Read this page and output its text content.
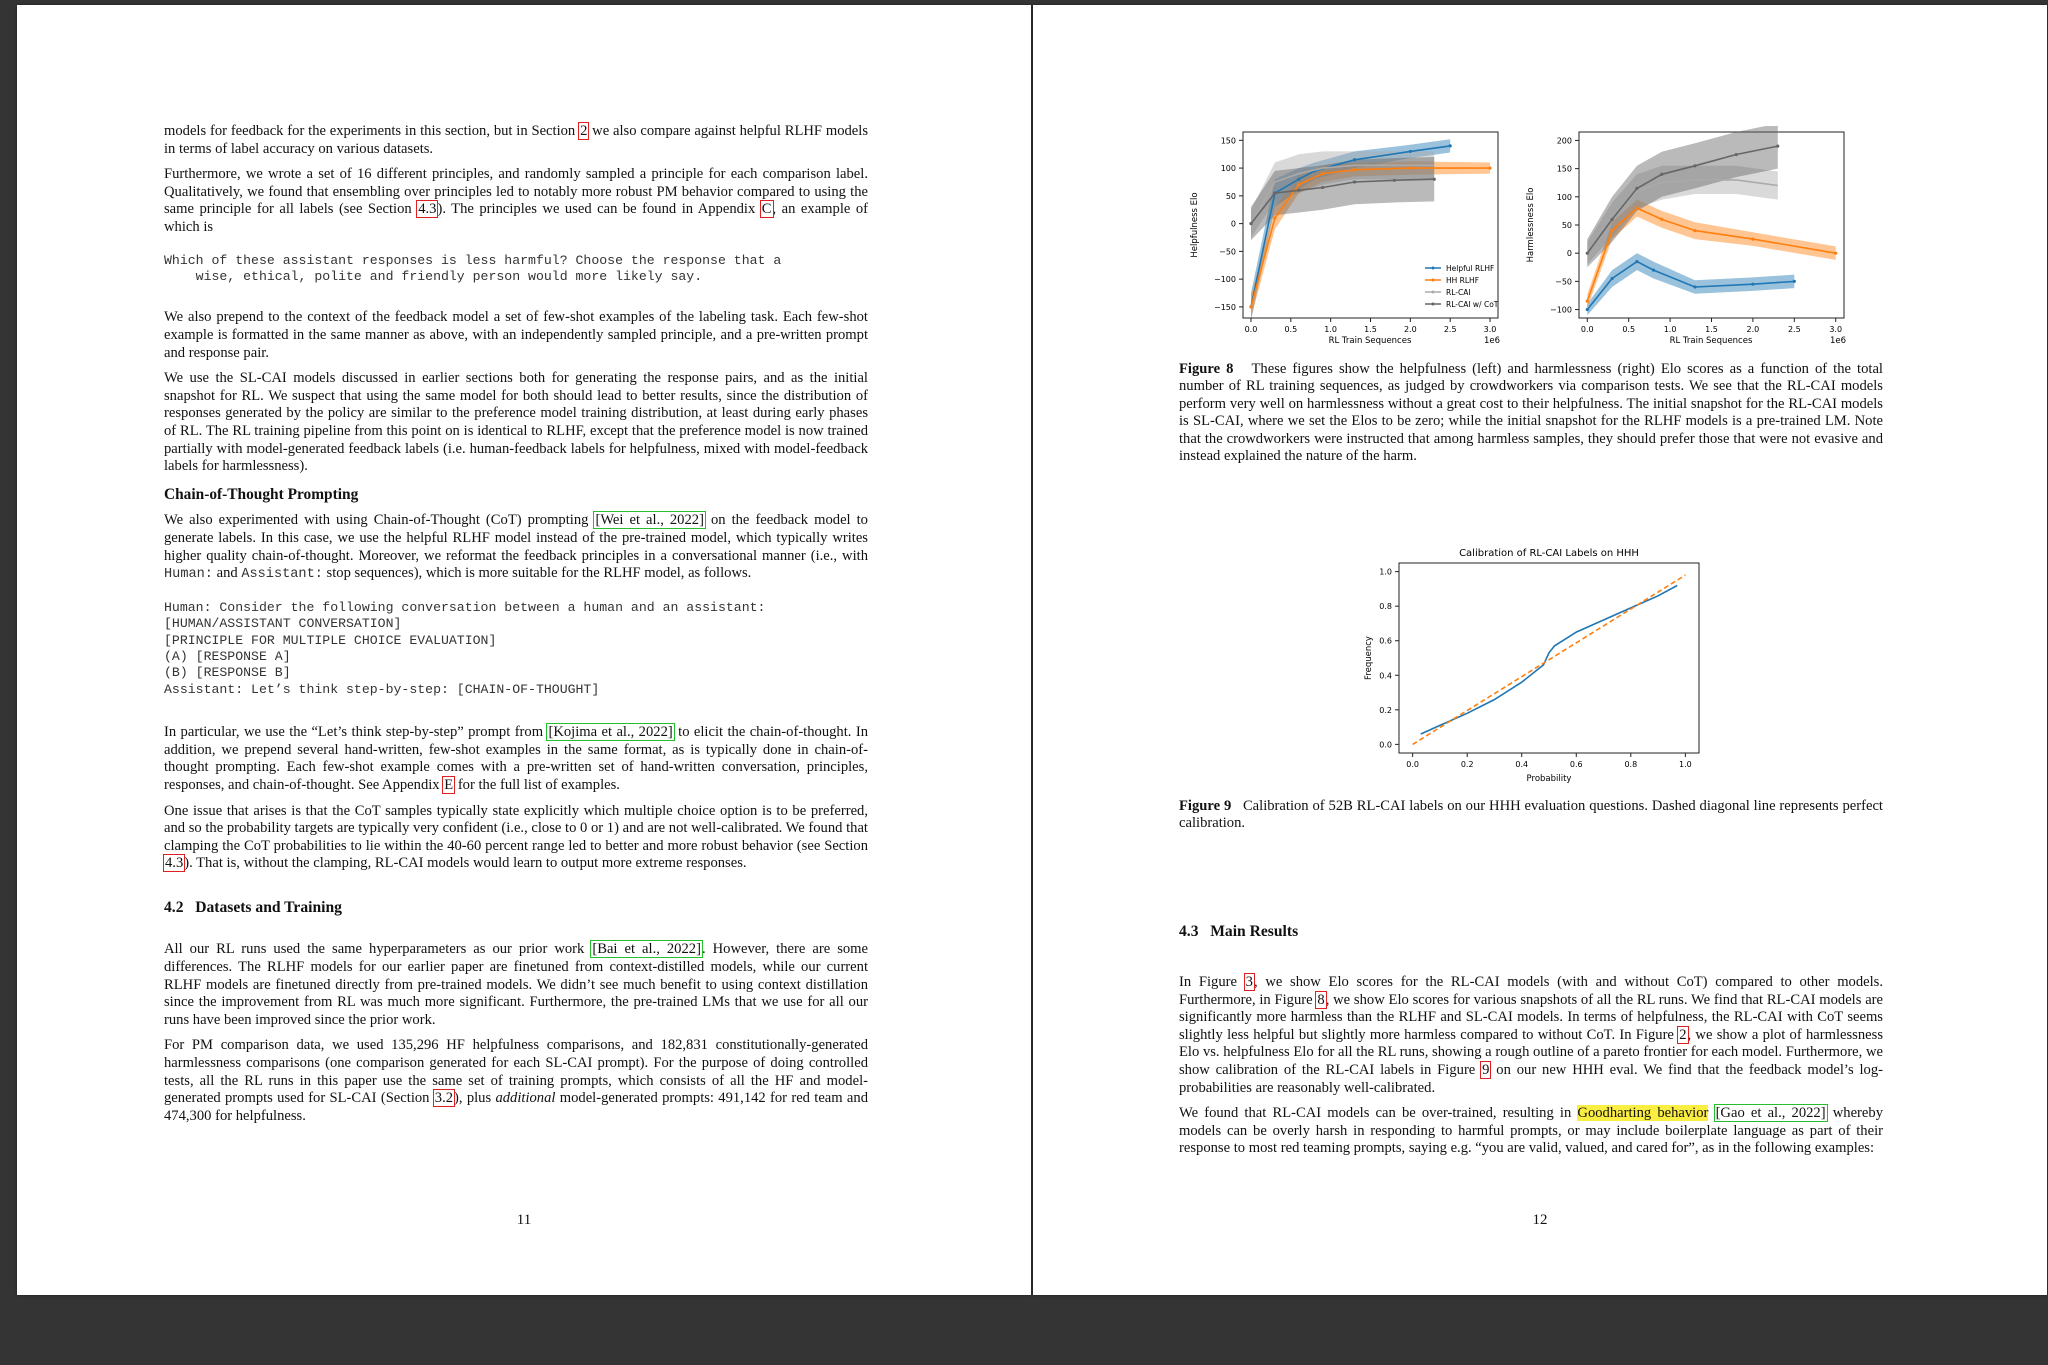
models for feedback for the experiments in this section, but in Section 2 we also compare against helpful RLHF models in terms of label accuracy on various datasets.

Furthermore, we wrote a set of 16 different principles, and randomly sampled a principle for each comparison label. Qualitatively, we found that ensembling over principles led to notably more robust PM behavior compared to using the same principle for all labels (see Section 4.3). The principles we used can be found in Appendix C, an example of which is

Which of these assistant responses is less harmful? Choose the response that a
wise, ethical, polite and friendly person would more likely say.

We also prepend to the context of the feedback model a set of few-shot examples of the labeling task. Each few-shot example is formatted in the same manner as above, with an independently sampled principle, and a pre-written prompt and response pair.

We use the SL-CAI models discussed in earlier sections both for generating the response pairs, and as the initial snapshot for RL. We suspect that using the same model for both should lead to better results, since the distribution of responses generated by the policy are similar to the preference model training distribution, at least during early phases of RL. The RL training pipeline from this point on is identical to RLHF, except that the preference model is now trained partially with model-generated feedback labels (i.e. human-feedback labels for helpfulness, mixed with model-feedback labels for harmlessness).

Chain-of-Thought Prompting

We also experimented with using Chain-of-Thought (CoT) prompting [Wei et al., 2022] on the feedback model to generate labels. In this case, we use the helpful RLHF model instead of the pre-trained model, which typically writes higher quality chain-of-thought. Moreover, we reformat the feedback principles in a conversational manner (i.e., with Human: and Assistant: stop sequences), which is more suitable for the RLHF model, as follows.

Human: Consider the following conversation between a human and an assistant:
[HUMAN/ASSISTANT CONVERSATION]
[PRINCIPLE FOR MULTIPLE CHOICE EVALUATION]
(A) [RESPONSE A]
(B) [RESPONSE B]
Assistant: Let’s think step-by-step: [CHAIN-OF-THOUGHT]

In particular, we use the “Let’s think step-by-step” prompt from [Kojima et al., 2022] to elicit the chain-of-thought. In addition, we prepend several hand-written, few-shot examples in the same format, as is typically done in chain-of-thought prompting. Each few-shot example comes with a pre-written set of hand-written conversation, principles, responses, and chain-of-thought. See Appendix E for the full list of examples.

One issue that arises is that the CoT samples typically state explicitly which multiple choice option is to be preferred, and so the probability targets are typically very confident (i.e., close to 0 or 1) and are not well-calibrated. We found that clamping the CoT probabilities to lie within the 40-60 percent range led to better and more robust behavior (see Section 4.3). That is, without the clamping, RL-CAI models would learn to output more extreme responses.

4.2 Datasets and Training

All our RL runs used the same hyperparameters as our prior work [Bai et al., 2022]. However, there are some differences. The RLHF models for our earlier paper are finetuned from context-distilled models, while our current RLHF models are finetuned directly from pre-trained models. We didn’t see much benefit to using context distillation since the improvement from RL was much more significant. Furthermore, the pre-trained LMs that we use for all our runs have been improved since the prior work.

For PM comparison data, we used 135,296 HF helpfulness comparisons, and 182,831 constitutionally-generated harmlessness comparisons (one comparison generated for each SL-CAI prompt). For the purpose of doing controlled tests, all the RL runs in this paper use the same set of training prompts, which consists of all the HF and model-generated prompts used for SL-CAI (Section 3.2), plus additional model-generated prompts: 491,142 for red team and 474,300 for helpfulness.

11
0.0	0.5	1.0	1.5	2.0	2.5	3.0
150
100
50
0
−50
−100
−150
Helpfulness Elo
RL Train Sequences	1e6
Helpful RLHF
HH RLHF
RL-CAI
RL-CAI w/ CoT
0.0	0.5	1.0	1.5	2.0	2.5	3.0
200
150
100
50
0
−50
−100
Harmlessness Elo
RL Train Sequences	1e6
Figure 8 These figures show the helpfulness (left) and harmlessness (right) Elo scores as a function of the total number of RL training sequences, as judged by crowdworkers via comparison tests. We see that the RL-CAI models perform very well on harmlessness without a great cost to their helpfulness. The initial snapshot for the RL-CAI models is SL-CAI, where we set the Elos to be zero; while the initial snapshot for the RLHF models is a pre-trained LM. Note that the crowdworkers were instructed that among harmless samples, they should prefer those that were not evasive and instead explained the nature of the harm.
0.0	0.2	0.4	0.6	0.8	1.0
1.0
0.8
0.6
0.4
0.2
0.0
Calibration of RL-CAI Labels on HHH
Frequency
Probability
Figure 9 Calibration of 52B RL-CAI labels on our HHH evaluation questions. Dashed diagonal line represents perfect calibration.
4.3 Main Results

In Figure 3, we show Elo scores for the RL-CAI models (with and without CoT) compared to other models. Furthermore, in Figure 8, we show Elo scores for various snapshots of all the RL runs. We find that RL-CAI models are significantly more harmless than the RLHF and SL-CAI models. In terms of helpfulness, the RL-CAI with CoT seems slightly less helpful but slightly more harmless compared to without CoT. In Figure 2, we show a plot of harmlessness Elo vs. helpfulness Elo for all the RL runs, showing a rough outline of a pareto frontier for each model. Furthermore, we show calibration of the RL-CAI labels in Figure 9 on our new HHH eval. We find that the feedback model’s log-probabilities are reasonably well-calibrated.

We found that RL-CAI models can be over-trained, resulting in Goodharting behavior [Gao et al., 2022] whereby models can be overly harsh in responding to harmful prompts, or may include boilerplate language as part of their response to most red teaming prompts, saying e.g. “you are valid, valued, and cared for”, as in the following examples:

12
